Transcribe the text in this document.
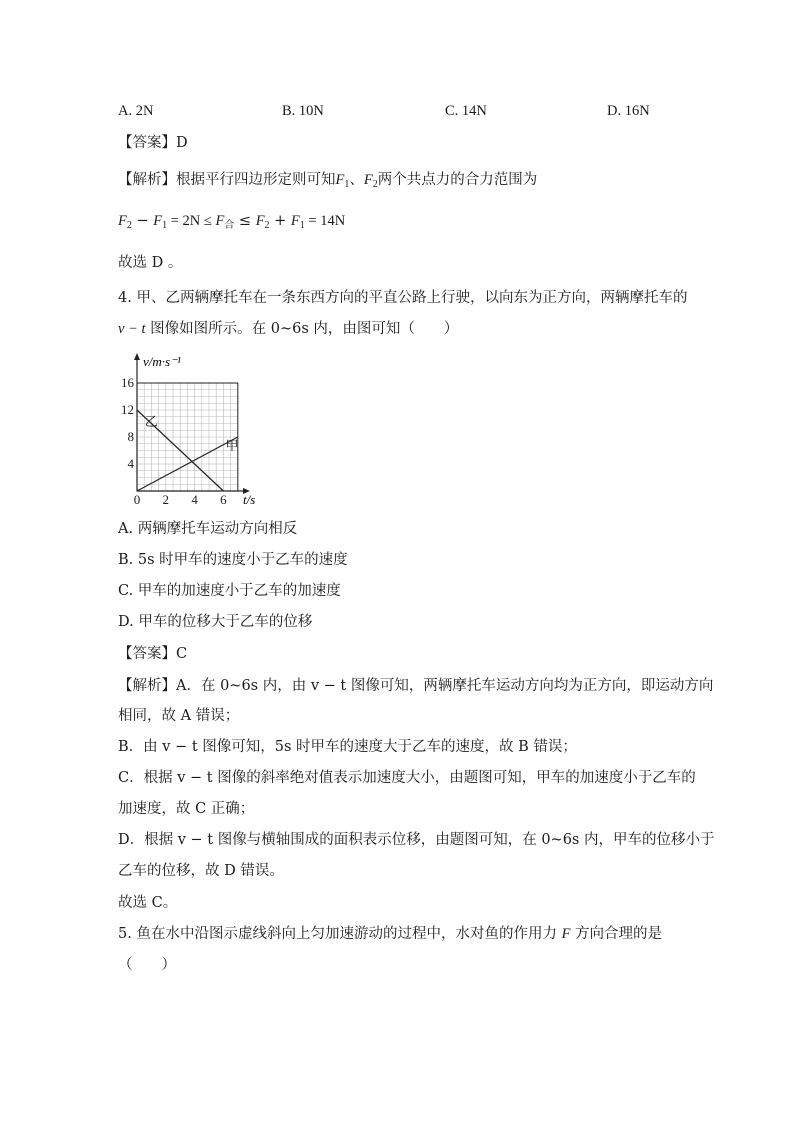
A. 2N	B. 10N	C. 14N	D. 16N
【答案】D
【解析】根据平行四边形定则可知$F_1$、$F_2$两个共点力的合力范围为
$F_2 - F_1 = 2N \le F_合 \le F_2 + F_1 = 14N$
故选 D 。
4. 甲、乙两辆摩托车在一条东西方向的平直公路上行驶，以向东为正方向，两辆摩托车的
v − t 图像如图所示。在 0~6s 内，由图可知（　　）
甲
乙
0 2 4 6
4
8
12
16
v/m·s⁻¹
t/s
A. 两辆摩托车运动方向相反
B. 5s 时甲车的速度小于乙车的速度
C. 甲车的加速度小于乙车的加速度
D. 甲车的位移大于乙车的位移
【答案】C
【解析】A．在 0~6s 内，由 v − t 图像可知，两辆摩托车运动方向均为正方向，即运动方向
相同，故 A 错误；
B．由 v − t 图像可知，5s 时甲车的速度大于乙车的速度，故 B 错误；
C．根据 v − t 图像的斜率绝对值表示加速度大小，由题图可知，甲车的加速度小于乙车的
加速度，故 C 正确；
D．根据 v − t 图像与横轴围成的面积表示位移，由题图可知，在 0~6s 内，甲车的位移小于
乙车的位移，故 D 错误。
故选 C。
5. 鱼在水中沿图示虚线斜向上匀加速游动的过程中，水对鱼的作用力 F 方向合理的是
（　　）
